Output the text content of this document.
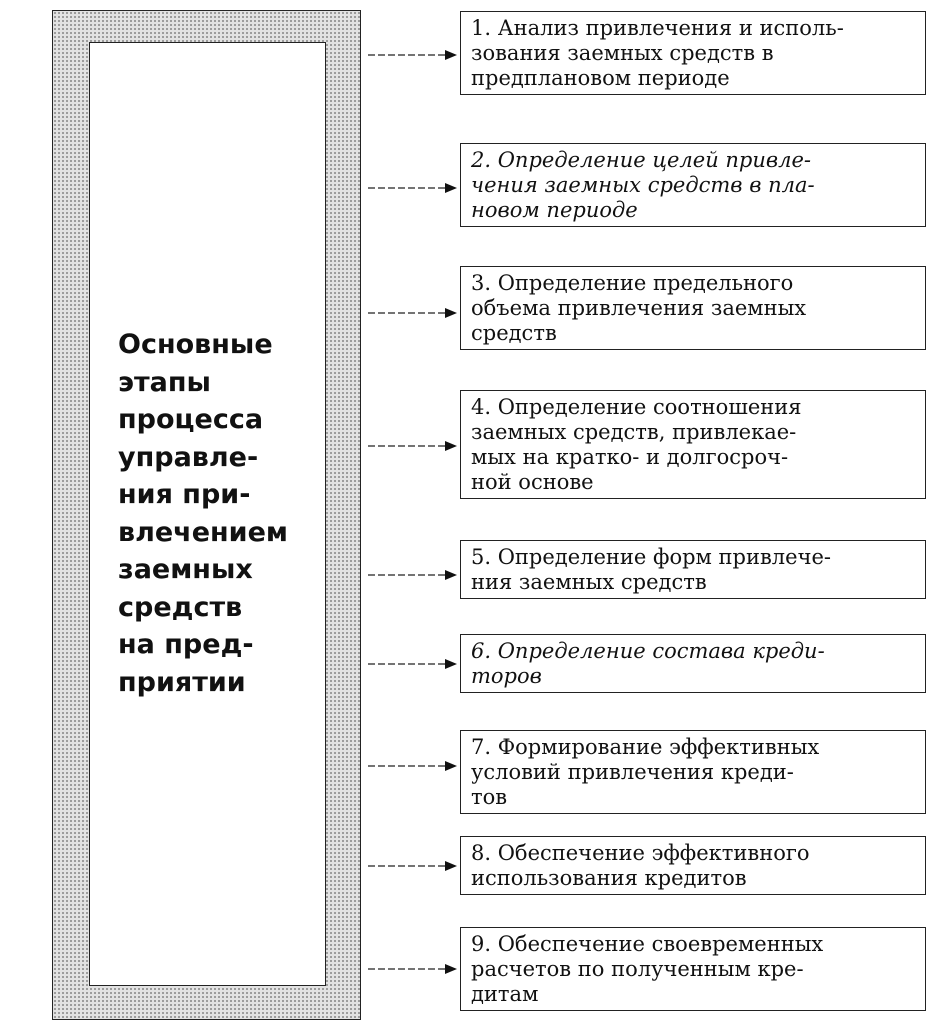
Основные
этапы
процесса
управле-
ния при-
влечением
заемных
средств
на пред-
приятии
1. Анализ привлечения и исполь-
зования заемных средств в
предплановом периоде
2. Определение целей привле-
чения заемных средств в пла-
новом периоде
3. Определение предельного
объема привлечения заемных
средств
4. Определение соотношения
заемных средств, привлекае-
мых на кратко- и долгосроч-
ной основе
5. Определение форм привлече-
ния заемных средств
6. Определение состава креди-
торов
7. Формирование эффективных
условий привлечения креди-
тов
8. Обеспечение эффективного
использования кредитов
9. Обеспечение своевременных
расчетов по полученным кре-
дитам
